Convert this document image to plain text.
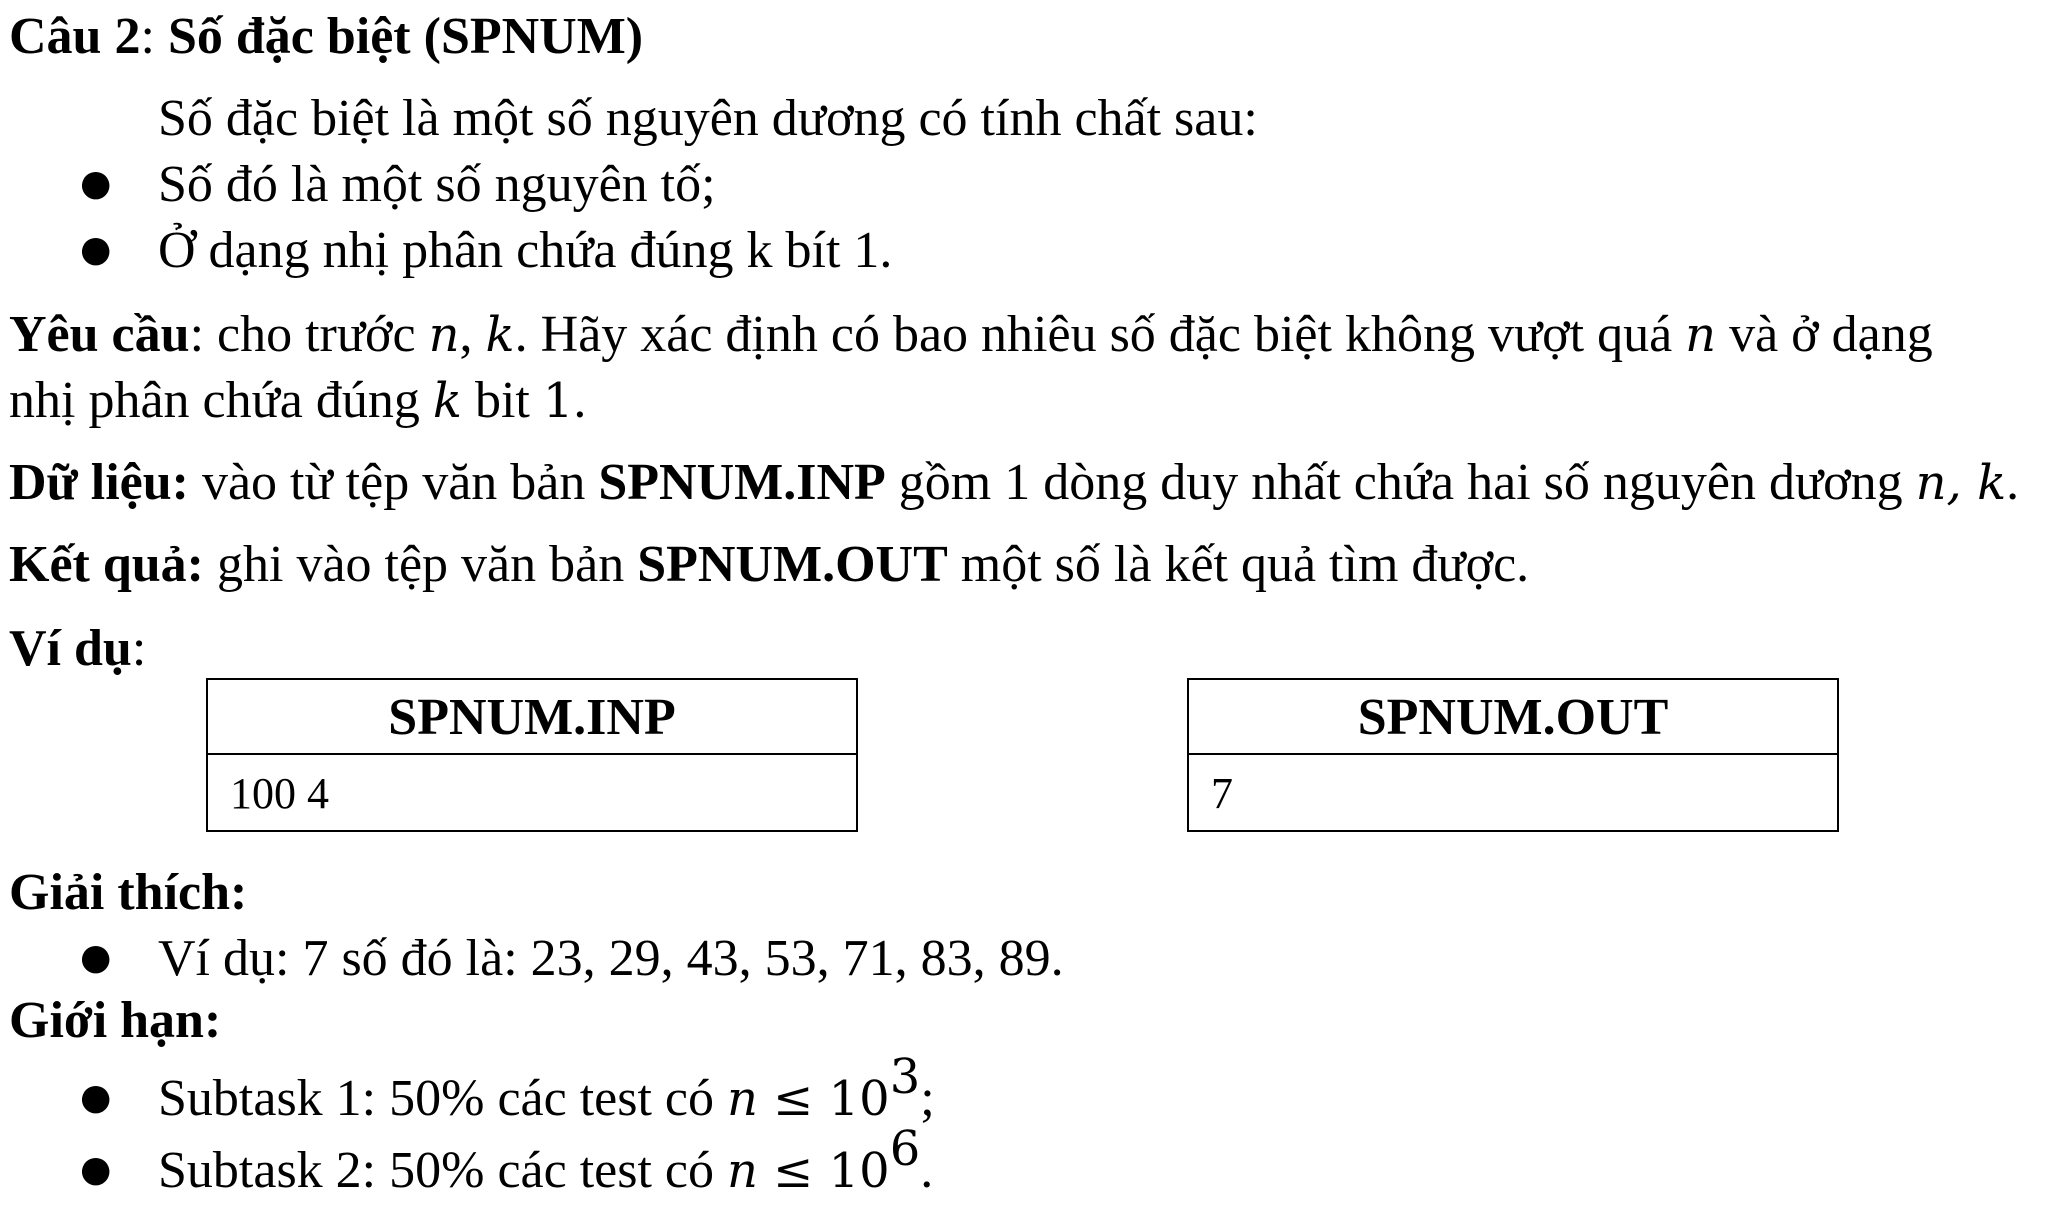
Câu 2: Số đặc biệt (SPNUM)
Số đặc biệt là một số nguyên dương có tính chất sau:
● Số đó là một số nguyên tố;
● Ở dạng nhị phân chứa đúng k bít 1.
Yêu cầu: cho trước n, k. Hãy xác định có bao nhiêu số đặc biệt không vượt quá n và ở dạng
nhị phân chứa đúng k bit 1.
Dữ liệu: vào từ tệp văn bản SPNUM.INP gồm 1 dòng duy nhất chứa hai số nguyên dương n, k.
Kết quả: ghi vào tệp văn bản SPNUM.OUT một số là kết quả tìm được.
Ví dụ:
SPNUM.INP
100 4
SPNUM.OUT
7
Giải thích:
● Ví dụ: 7 số đó là: 23, 29, 43, 53, 71, 83, 89.
Giới hạn:
● Subtask 1: 50% các test có $n \le 10^3$;
● Subtask 2: 50% các test có $n \le 10^6$.
